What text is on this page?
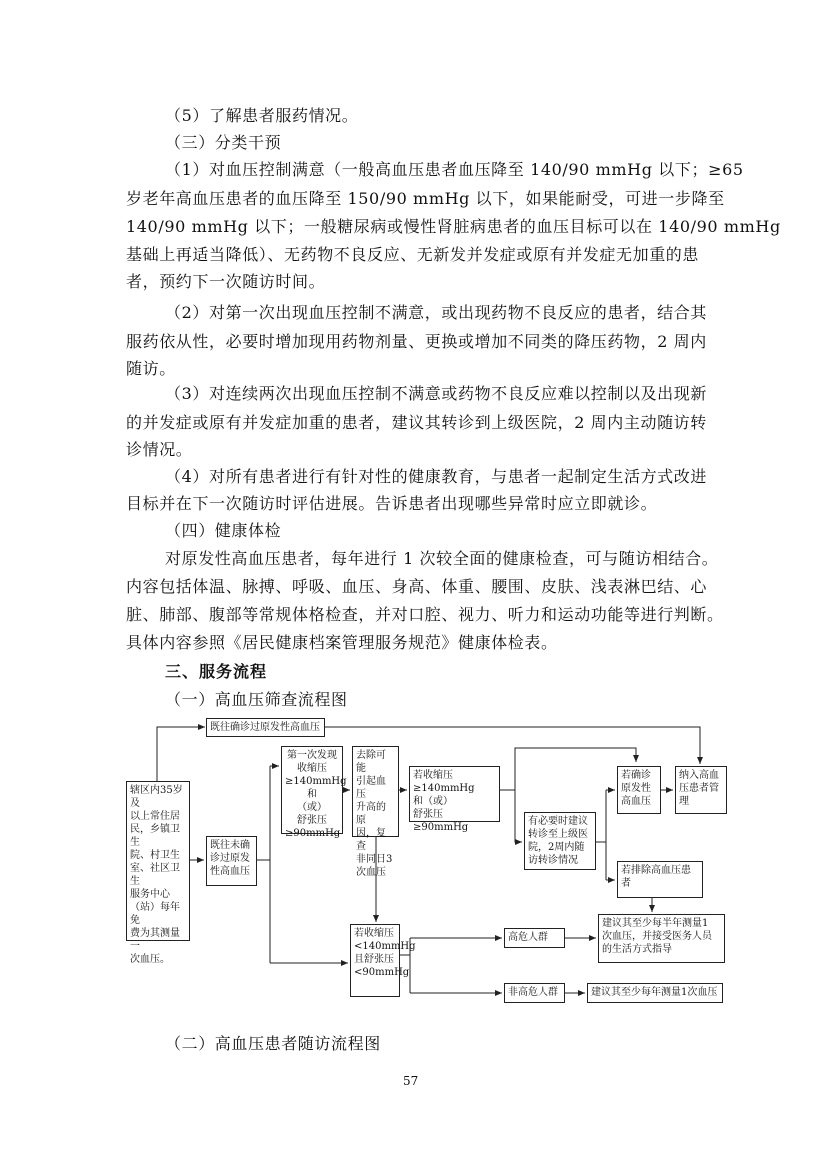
（5）了解患者服药情况。
（三）分类干预
（1）对血压控制满意（一般高血压患者血压降至 140/90 mmHg 以下；≥65
岁老年高血压患者的血压降至 150/90 mmHg 以下，如果能耐受，可进一步降至
140/90 mmHg 以下；一般糖尿病或慢性肾脏病患者的血压目标可以在 140/90 mmHg
基础上再适当降低）、无药物不良反应、无新发并发症或原有并发症无加重的患
者，预约下一次随访时间。
（2）对第一次出现血压控制不满意，或出现药物不良反应的患者，结合其
服药依从性，必要时增加现用药物剂量、更换或增加不同类的降压药物，2 周内
随访。
（3）对连续两次出现血压控制不满意或药物不良反应难以控制以及出现新
的并发症或原有并发症加重的患者，建议其转诊到上级医院，2 周内主动随访转
诊情况。
（4）对所有患者进行有针对性的健康教育，与患者一起制定生活方式改进
目标并在下一次随访时评估进展。告诉患者出现哪些异常时应立即就诊。
（四）健康体检
对原发性高血压患者，每年进行 1 次较全面的健康检查，可与随访相结合。
内容包括体温、脉搏、呼吸、血压、身高、体重、腰围、皮肤、浅表淋巴结、心
脏、肺部、腹部等常规体格检查，并对口腔、视力、听力和运动功能等进行判断。
具体内容参照《居民健康档案管理服务规范》健康体检表。
三、服务流程
（一）高血压筛查流程图
辖区内35岁及
以上常住居
民，乡镇卫生
院、村卫生
室、社区卫生
服务中心
（站）每年免
费为其测量一
次血压。
既往确诊过原发性高血压
既往未确
诊过原发
性高血压
第一次发现
收缩压
≥140mmHg和
（或）
舒张压
≥90mmHg
去除可能
引起血压
升高的原
因，复查
非同日3
次血压
若收缩压≥140mmHg
和（或）
舒张压≥90mmHg
若确诊
原发性
高血压
纳入高血
压患者管
理
有必要时建议
转诊至上级医
院，2周内随
访转诊情况
若排除高血压患
者
若收缩压
<140mmHg
且舒张压
<90mmHg
高危人群
建议其至少每半年测量1
次血压，并接受医务人员
的生活方式指导
非高危人群	建议其至少每年测量1次血压
（二）高血压患者随访流程图
57
